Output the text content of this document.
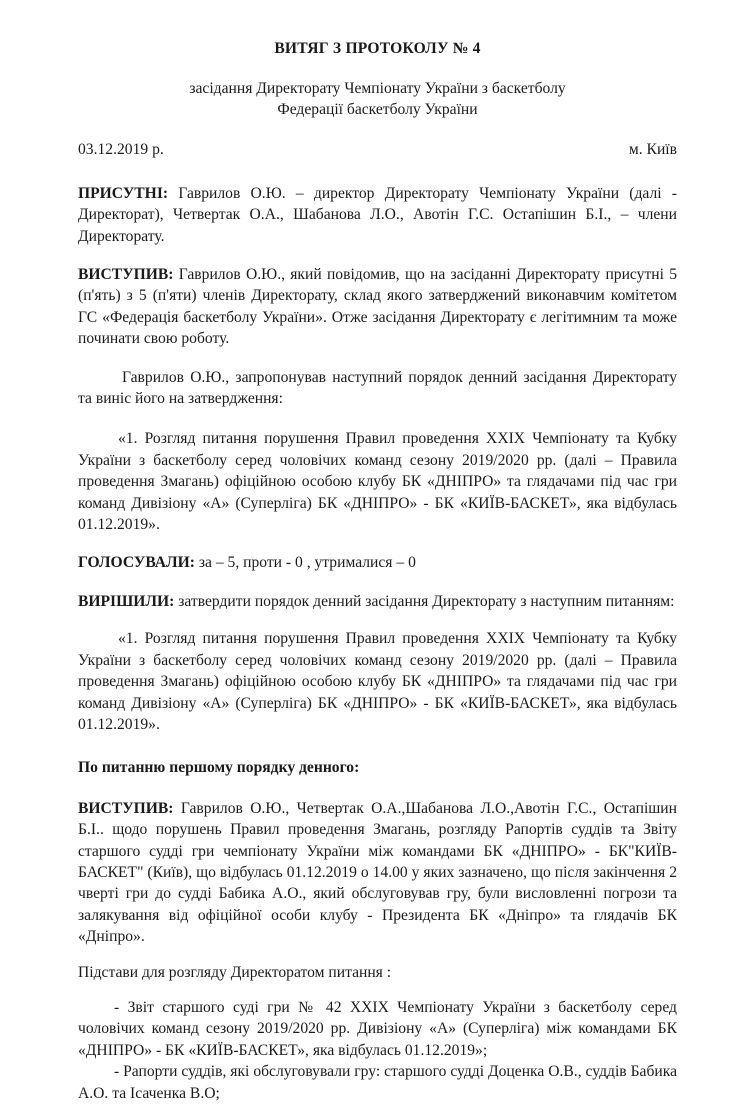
ВИТЯГ З ПРОТОКОЛУ № 4
засідання Директорату Чемпіонату України з баскетболу
Федерації баскетболу України
03.12.2019 р.	м. Київ

ПРИСУТНІ: Гаврилов О.Ю. – директор Директорату Чемпіонату України (далі - Директорат), Четвертак О.А., Шабанова Л.О., Авотін Г.С. Остапішин Б.І., – члени Директорату.

ВИСТУПИВ: Гаврилов О.Ю., який повідомив, що на засіданні Директорату присутні 5 (п'ять) з 5 (п'яти) членів Директорату, склад якого затверджений виконавчим комітетом ГС «Федерація баскетболу України». Отже засідання Директорату є легітимним та може починати свою роботу.

Гаврилов О.Ю., запропонував наступний порядок денний засідання Директорату та виніс його на затвердження:

«1. Розгляд питання порушення Правил проведення XXIX Чемпіонату та Кубку України з баскетболу серед чоловічих команд сезону 2019/2020 рр. (далі – Правила проведення Змагань) офіційною особою клубу БК «ДНІПРО» та глядачами під час гри команд Дивізіону «А» (Суперліга) БК «ДНІПРО» - БК «КИЇВ-БАСКЕТ», яка відбулась 01.12.2019».

ГОЛОСУВАЛИ: за – 5, проти - 0 , утрималися – 0

ВИРІШИЛИ: затвердити порядок денний засідання Директорату з наступним питанням:

«1. Розгляд питання порушення Правил проведення XXIX Чемпіонату та Кубку України з баскетболу серед чоловічих команд сезону 2019/2020 рр. (далі – Правила проведення Змагань) офіційною особою клубу БК «ДНІПРО» та глядачами під час гри команд Дивізіону «А» (Суперліга) БК «ДНІПРО» - БК «КИЇВ-БАСКЕТ», яка відбулась 01.12.2019».

По питанню першому порядку денного:

ВИСТУПИВ: Гаврилов О.Ю., Четвертак О.А.,Шабанова Л.О.,Авотін Г.С., Остапішин Б.І.. щодо порушень Правил проведення Змагань, розгляду Рапортів суддів та Звіту старшого судді гри чемпіонату України між командами БК «ДНІПРО» - БК"КИЇВ-БАСКЕТ" (Київ), що відбулась 01.12.2019 о 14.00 у яких зазначено, що після закінчення 2 чверті гри до судді Бабика А.О., який обслуговував гру, були висловленні погрози та залякування від офіційної особи клубу - Президента БК «Дніпро» та глядачів БК «Дніпро».

Підстави для розгляду Директоратом питання :

- Звіт старшого суді гри № 42 XXIX Чемпіонату України з баскетболу серед чоловічих команд сезону 2019/2020 рр. Дивізіону «А» (Суперліга) між командами БК «ДНІПРО» - БК «КИЇВ-БАСКЕТ», яка відбулась 01.12.2019»;

- Рапорти суддів, які обслуговували гру: старшого судді Доценка О.В., суддів Бабика А.О. та Ісаченка В.О;
